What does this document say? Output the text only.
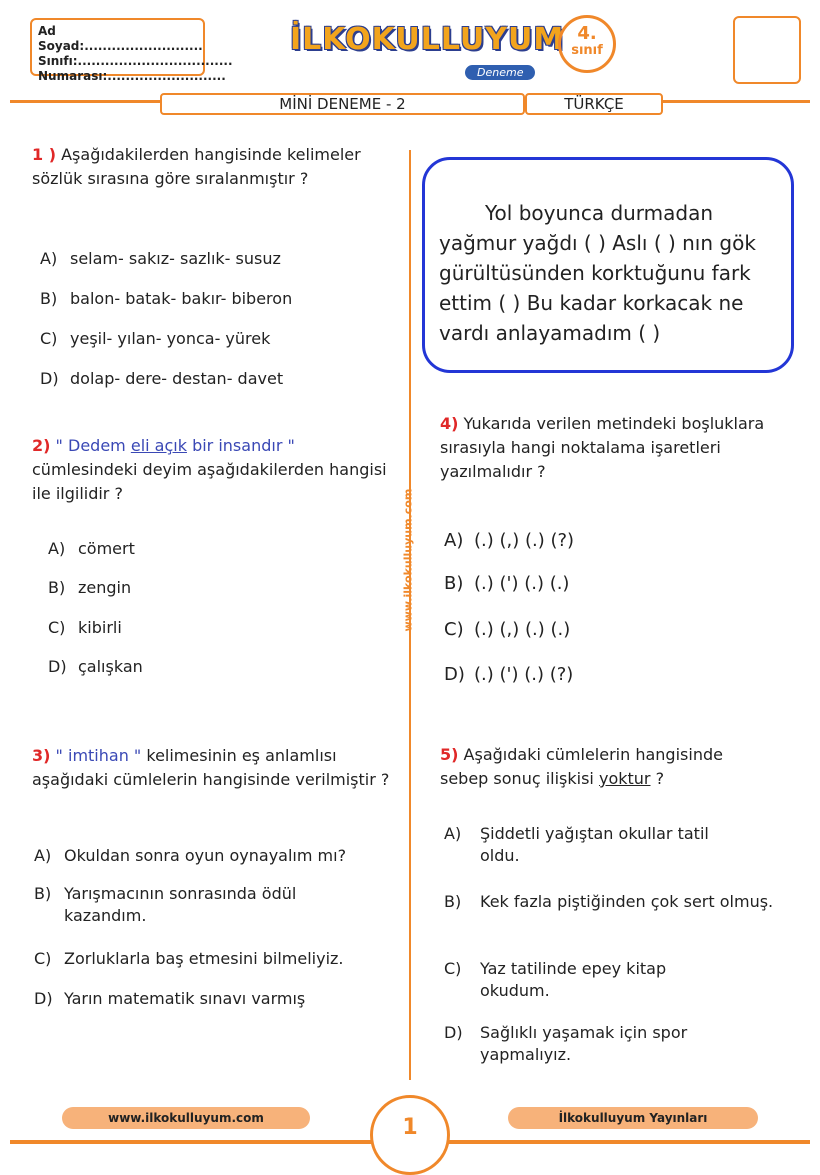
Ad Soyad:..........................
Sınıfı:..................................
Numarası:..........................
İLKOKULLUYUM
Deneme
4.
sınıf
MİNİ DENEME - 2	TÜRKÇE
www.ilkokulluyum.com
1 ) Aşağıdakilerden hangisinde kelimeler sözlük sırasına göre sıralanmıştır ?
A) selam- sakız- sazlık- susuz
B) balon- batak- bakır- biberon
C) yeşil- yılan- yonca- yürek
D) dolap- dere- destan- davet
2) " Dedem eli açık bir insandır " cümlesindeki deyim aşağıdakilerden hangisi ile ilgilidir ?
A) cömert
B) zengin
C) kibirli
D) çalışkan
3) " imtihan " kelimesinin eş anlamlısı aşağıdaki cümlelerin hangisinde verilmiştir ?
A) Okuldan sonra oyun oynayalım mı?
B) Yarışmacının sonrasında ödül kazandım.
C) Zorluklarla baş etmesini bilmeliyiz.
D) Yarın matematik sınavı varmış
Yol boyunca durmadan yağmur yağdı ( ) Aslı ( ) nın gök gürültüsünden korktuğunu fark ettim ( ) Bu kadar korkacak ne vardı anlayamadım ( )
4) Yukarıda verilen metindeki boşluklara sırasıyla hangi noktalama işaretleri yazılmalıdır ?
A) (.) (,) (.) (?)
B) (.) (') (.) (.)
C) (.) (,) (.) (.)
D) (.) (') (.) (?)
5) Aşağıdaki cümlelerin hangisinde sebep sonuç ilişkisi yoktur ?
A)	Şiddetli yağıştan okullar tatil oldu.
B)	Kek fazla piştiğinden çok sert olmuş.
C)	Yaz tatilinde epey kitap okudum.
D)	Sağlıklı yaşamak için spor yapmalıyız.
www.ilkokulluyum.com	İlkokulluyum Yayınları
1
